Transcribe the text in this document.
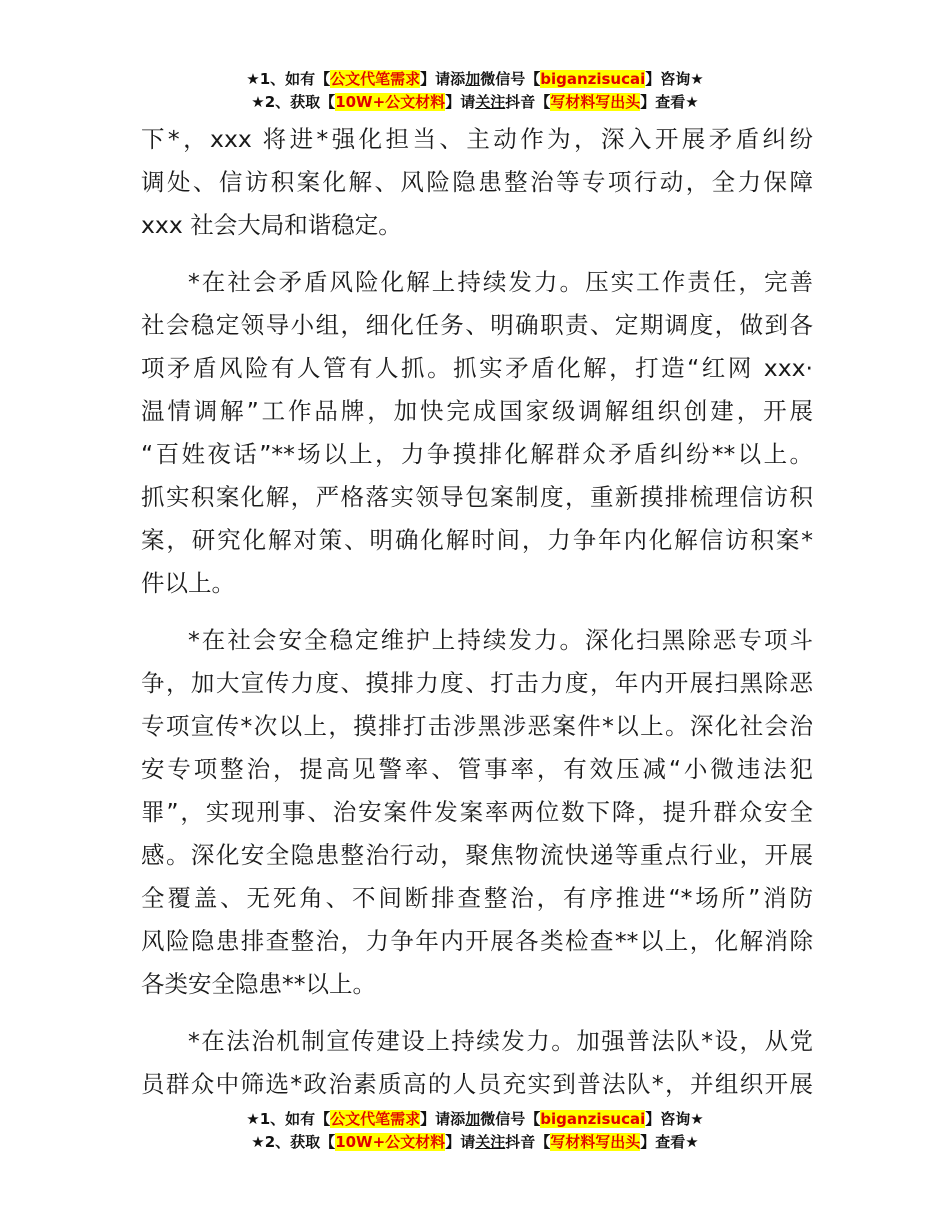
★1、如有【公文代笔需求】请添加微信号【biganzisucai】咨询★
★2、获取【10W+公文材料】请关注抖音【写材料写出头】查看★

下*，xxx 将进*强化担当、主动作为，深入开展矛盾纠纷
调处、信访积案化解、风险隐患整治等专项行动，全力保障
xxx 社会大局和谐稳定。

*在社会矛盾风险化解上持续发力。压实工作责任，完善
社会稳定领导小组，细化任务、明确职责、定期调度，做到各
项矛盾风险有人管有人抓。抓实矛盾化解，打造“红网 xxx·
温情调解”工作品牌，加快完成国家级调解组织创建，开展
“百姓夜话”**场以上，力争摸排化解群众矛盾纠纷**以上。
抓实积案化解，严格落实领导包案制度，重新摸排梳理信访积
案，研究化解对策、明确化解时间，力争年内化解信访积案*
件以上。

*在社会安全稳定维护上持续发力。深化扫黑除恶专项斗
争，加大宣传力度、摸排力度、打击力度，年内开展扫黑除恶
专项宣传*次以上，摸排打击涉黑涉恶案件*以上。深化社会治
安专项整治，提高见警率、管事率，有效压减“小微违法犯
罪”，实现刑事、治安案件发案率两位数下降，提升群众安全
感。深化安全隐患整治行动，聚焦物流快递等重点行业，开展
全覆盖、无死角、不间断排查整治，有序推进“*场所”消防
风险隐患排查整治，力争年内开展各类检查**以上，化解消除
各类安全隐患**以上。

*在法治机制宣传建设上持续发力。加强普法队*设，从党
员群众中筛选*政治素质高的人员充实到普法队*，并组织开展

★1、如有【公文代笔需求】请添加微信号【biganzisucai】咨询★
★2、获取【10W+公文材料】请关注抖音【写材料写出头】查看★
